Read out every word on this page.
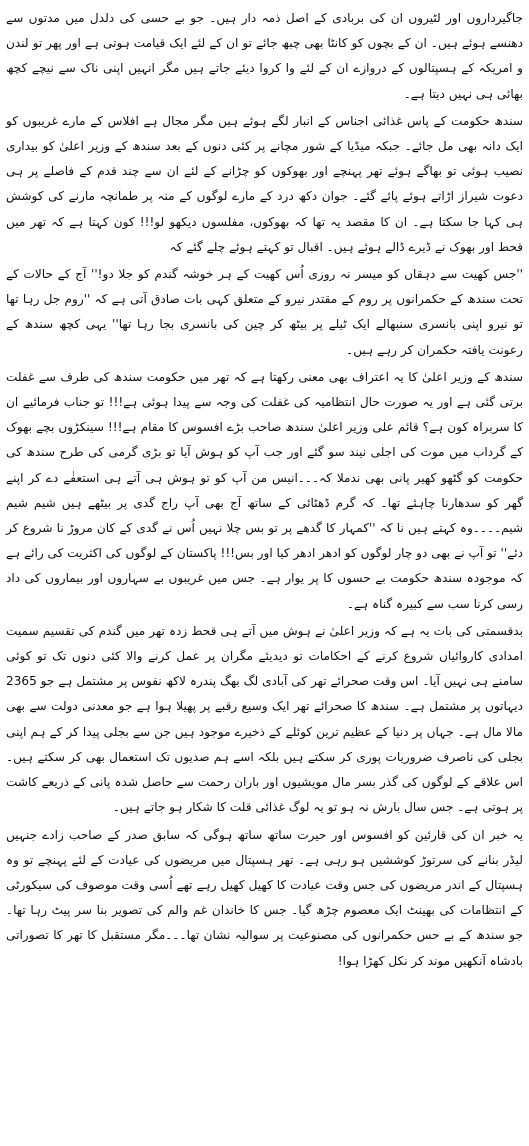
جاگیرداروں اور لٹیروں ان کی بربادی کے اصل ذمہ دار ہیں۔ جو بے حسی کی دلدل میں مدتوں سے دھنسے ہوئے ہیں۔ ان کے بچوں کو کانٹا بھی چبھ جائے تو ان کے لئے ایک قیامت ہوتی ہے اور پھر تو لندن و امریکہ کے ہسپتالوں کے دروازے ان کے لئے وا کروا دیئے جاتے ہیں مگر انہیں اپنی ناک سے نیچے کچھ بھائی ہی نہیں دیتا ہے۔

سندھ حکومت کے پاس غذائی اجناس کے انبار لگے ہوئے ہیں مگر مجال ہے افلاس کے مارے غریبوں کو ایک دانہ بھی مل جائے۔ جبکہ میڈیا کے شور مچانے پر کئی دنوں کے بعد سندھ کے وزیر اعلیٰ کو بیداری نصیب ہوئی تو بھاگے ہوئے تھر پہنچے اور بھوکوں کو چڑانے کے لئے ان سے چند قدم کے فاصلے پر ہی دعوت شیراز اڑاتے ہوئے پائے گئے۔ جوان دکھ درد کے مارے لوگوں کے منہ پر طمانچہ مارنے کی کوشش ہی کہا جا سکتا ہے۔ ان کا مقصد یہ تھا کہ بھوکوں، مفلسوں دیکھو لو!!! کون کہتا ہے کہ تھر میں قحط اور بھوک نے ڈیرے ڈالے ہوئے ہیں۔ اقبال تو کہتے ہوئے چلے گئے کہ

''جس کھیت سے دہقاں کو میسر نہ روزی اُس کھیت کے ہر خوشہ گندم کو جلا دو!'' آج کے حالات کے تحت سندھ کے حکمرانوں پر روم کے مقتدر نیرو کے متعلق کہی بات صادق آتی ہے کہ ''روم جل رہا تھا تو نیرو اپنی بانسری سنبھالے ایک ٹیلے پر بیٹھ کر چین کی بانسری بجا رہا تھا'' یہی کچھ سندھ کے رعونت یافتہ حکمران کر رہے ہیں۔

سندھ کے وزیر اعلیٰ کا یہ اعتراف بھی معنی رکھتا ہے کہ تھر میں حکومت سندھ کی طرف سے غفلت برتی گئی ہے اور یہ صورت حال انتظامیہ کی غفلت کی وجہ سے پیدا ہوئی ہے!!! تو جناب فرمائیے ان کا سربراہ کون ہے؟ قائم علی وزیر اعلیٰ سندھ صاحب بڑے افسوس کا مقام ہے!!! سینکڑوں بچے بھوک کے گرداب میں موت کی اجلی نیند سو گئے اور جب آپ کو ہوش آیا تو بڑی گرمی کی طرح سندھ کی حکومت کو گٹھو کھیر پانی بھی ندملا کہ۔۔۔انیس من آپ کو تو ہوش ہی آتے ہی استعفٰے دے کر اپنے گھر کو سدھارنا چاہئے تھا۔ کہ گرم ڈھٹائی کے ساتھ آج بھی آپ راج گدی پر بیٹھے ہیں شیم شیم شیم۔۔۔۔وہ کہتے ہیں نا کہ ''کمہار کا گدھے پر تو بس چلا نہیں اُس نے گدی کے کان مروڑ نا شروع کر دئے'' تو آپ نے بھی دو چار لوگوں کو ادھر ادھر کیا اور بس!!! پاکستان کے لوگوں کی اکثریت کی رائے ہے کہ موجودہ سندھ حکومت بے حسوں کا پر یوار ہے۔ جس میں غریبوں بے سہاروں اور بیماروں کی داد رسی کرنا سب سے کبیرہ گناہ ہے۔

بدقسمتی کی بات یہ ہے کہ وزیر اعلیٰ نے ہوش میں آتے ہی قحط زدہ تھر میں گندم کی تقسیم سمیت امدادی کاروائیاں شروع کرنے کے احکامات تو دیدیئے مگران پر عمل کرنے والا کئی دنوں تک تو کوئی سامنے ہی نہیں آیا۔ اس وقت صحرائے تھر کی آبادی لگ بھگ پندرہ لاکھ نفوس پر مشتمل ہے جو 2365 دیہاتوں پر مشتمل ہے۔ سندھ کا صحرائے تھر ایک وسیع رقبے پر پھیلا ہوا ہے جو معدنی دولت سے بھی مالا مال ہے۔ جہاں پر دنیا کے عظیم ترین کوئلے کے ذخیرے موجود ہیں جن سے بجلی پیدا کر کے ہم اپنی بجلی کی ناصرف ضروریات پوری کر سکتے ہیں بلکہ اسے ہم صدیوں تک استعمال بھی کر سکتے ہیں۔ اس علاقے کے لوگوں کی گذر بسر مال مویشیوں اور باران رحمت سے حاصل شدہ پانی کے ذریعے کاشت پر ہوتی ہے۔ جس سال بارش نہ ہو تو یہ لوگ غذائی قلت کا شکار ہو جاتے ہیں۔

یہ خبر ان کی قارئین کو افسوس اور حیرت ساتھ ساتھ ہوگی کہ سابق صدر کے صاحب زادے جنہیں لیڈر بنانے کی سرتوڑ کوششیں ہو رہی ہے۔ تھر ہسپتال میں مریضوں کی عیادت کے لئے پہنچے تو وہ ہسپتال کے اندر مریضوں کی جس وقت عیادت کا کھیل کھیل رہے تھے اُسی وقت موصوف کی سیکورٹی کے انتظامات کی بھینٹ ایک معصوم چڑھ گیا۔ جس کا خاندان غم والم کی تصویر بنا سر پیٹ رہا تھا۔ جو سندھ کے بے حس حکمرانوں کی مصنوعیت پر سوالیہ نشان تھا۔۔۔مگر مستقبل کا تھر کا تصوراتی بادشاہ آنکھیں موند کر نکل کھڑا ہوا!
